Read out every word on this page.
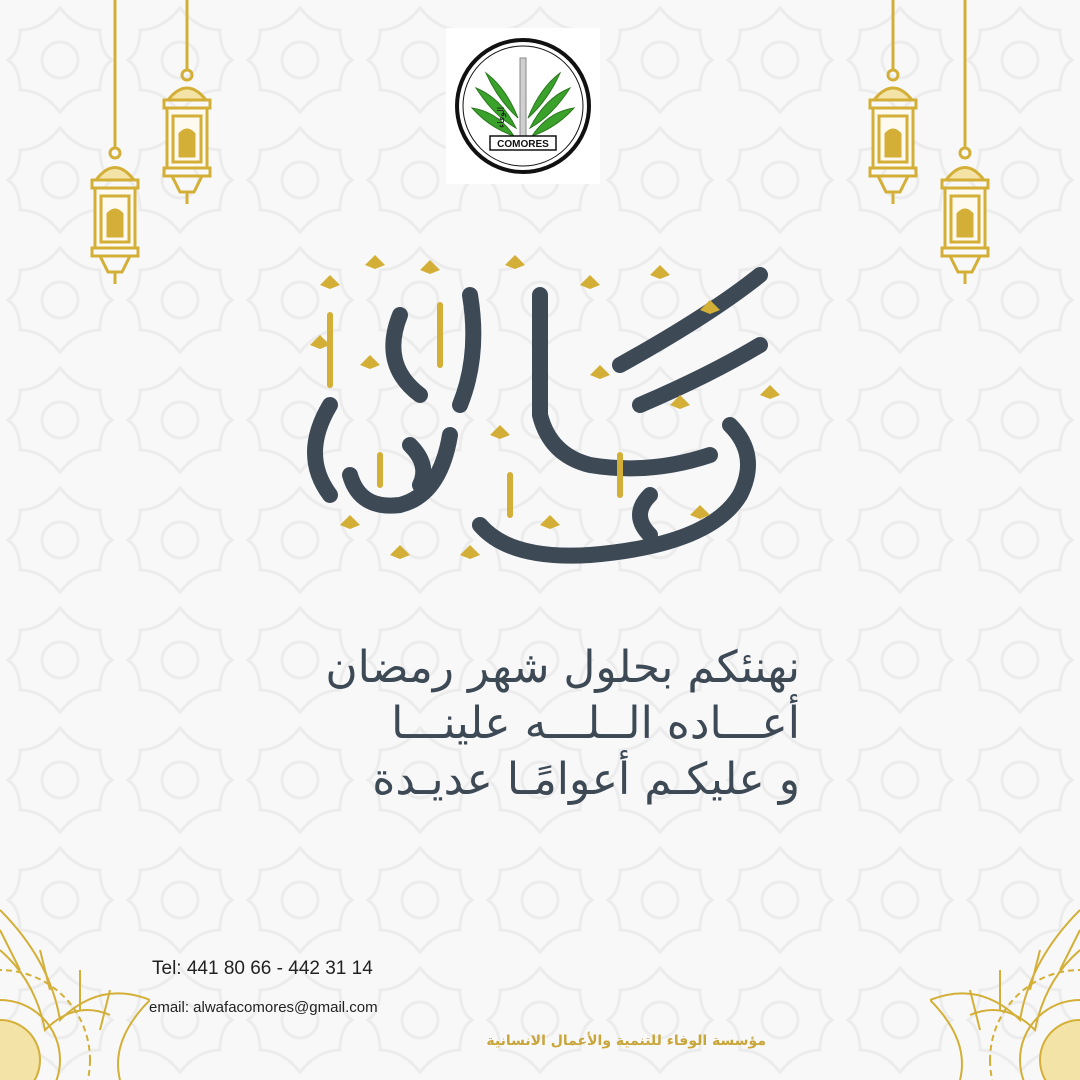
الوفاء
COMORES
نهنئكم بحلول شهر رمضان
أعـــاده الــلـــه علينـــا
و عليكـم أعوامًـا عديـدة
Tel: 441 80 66 - 442 31 14
email: alwafacomores@gmail.com
مؤسسة الوفاء للتنمية والأعمال الانسانية
